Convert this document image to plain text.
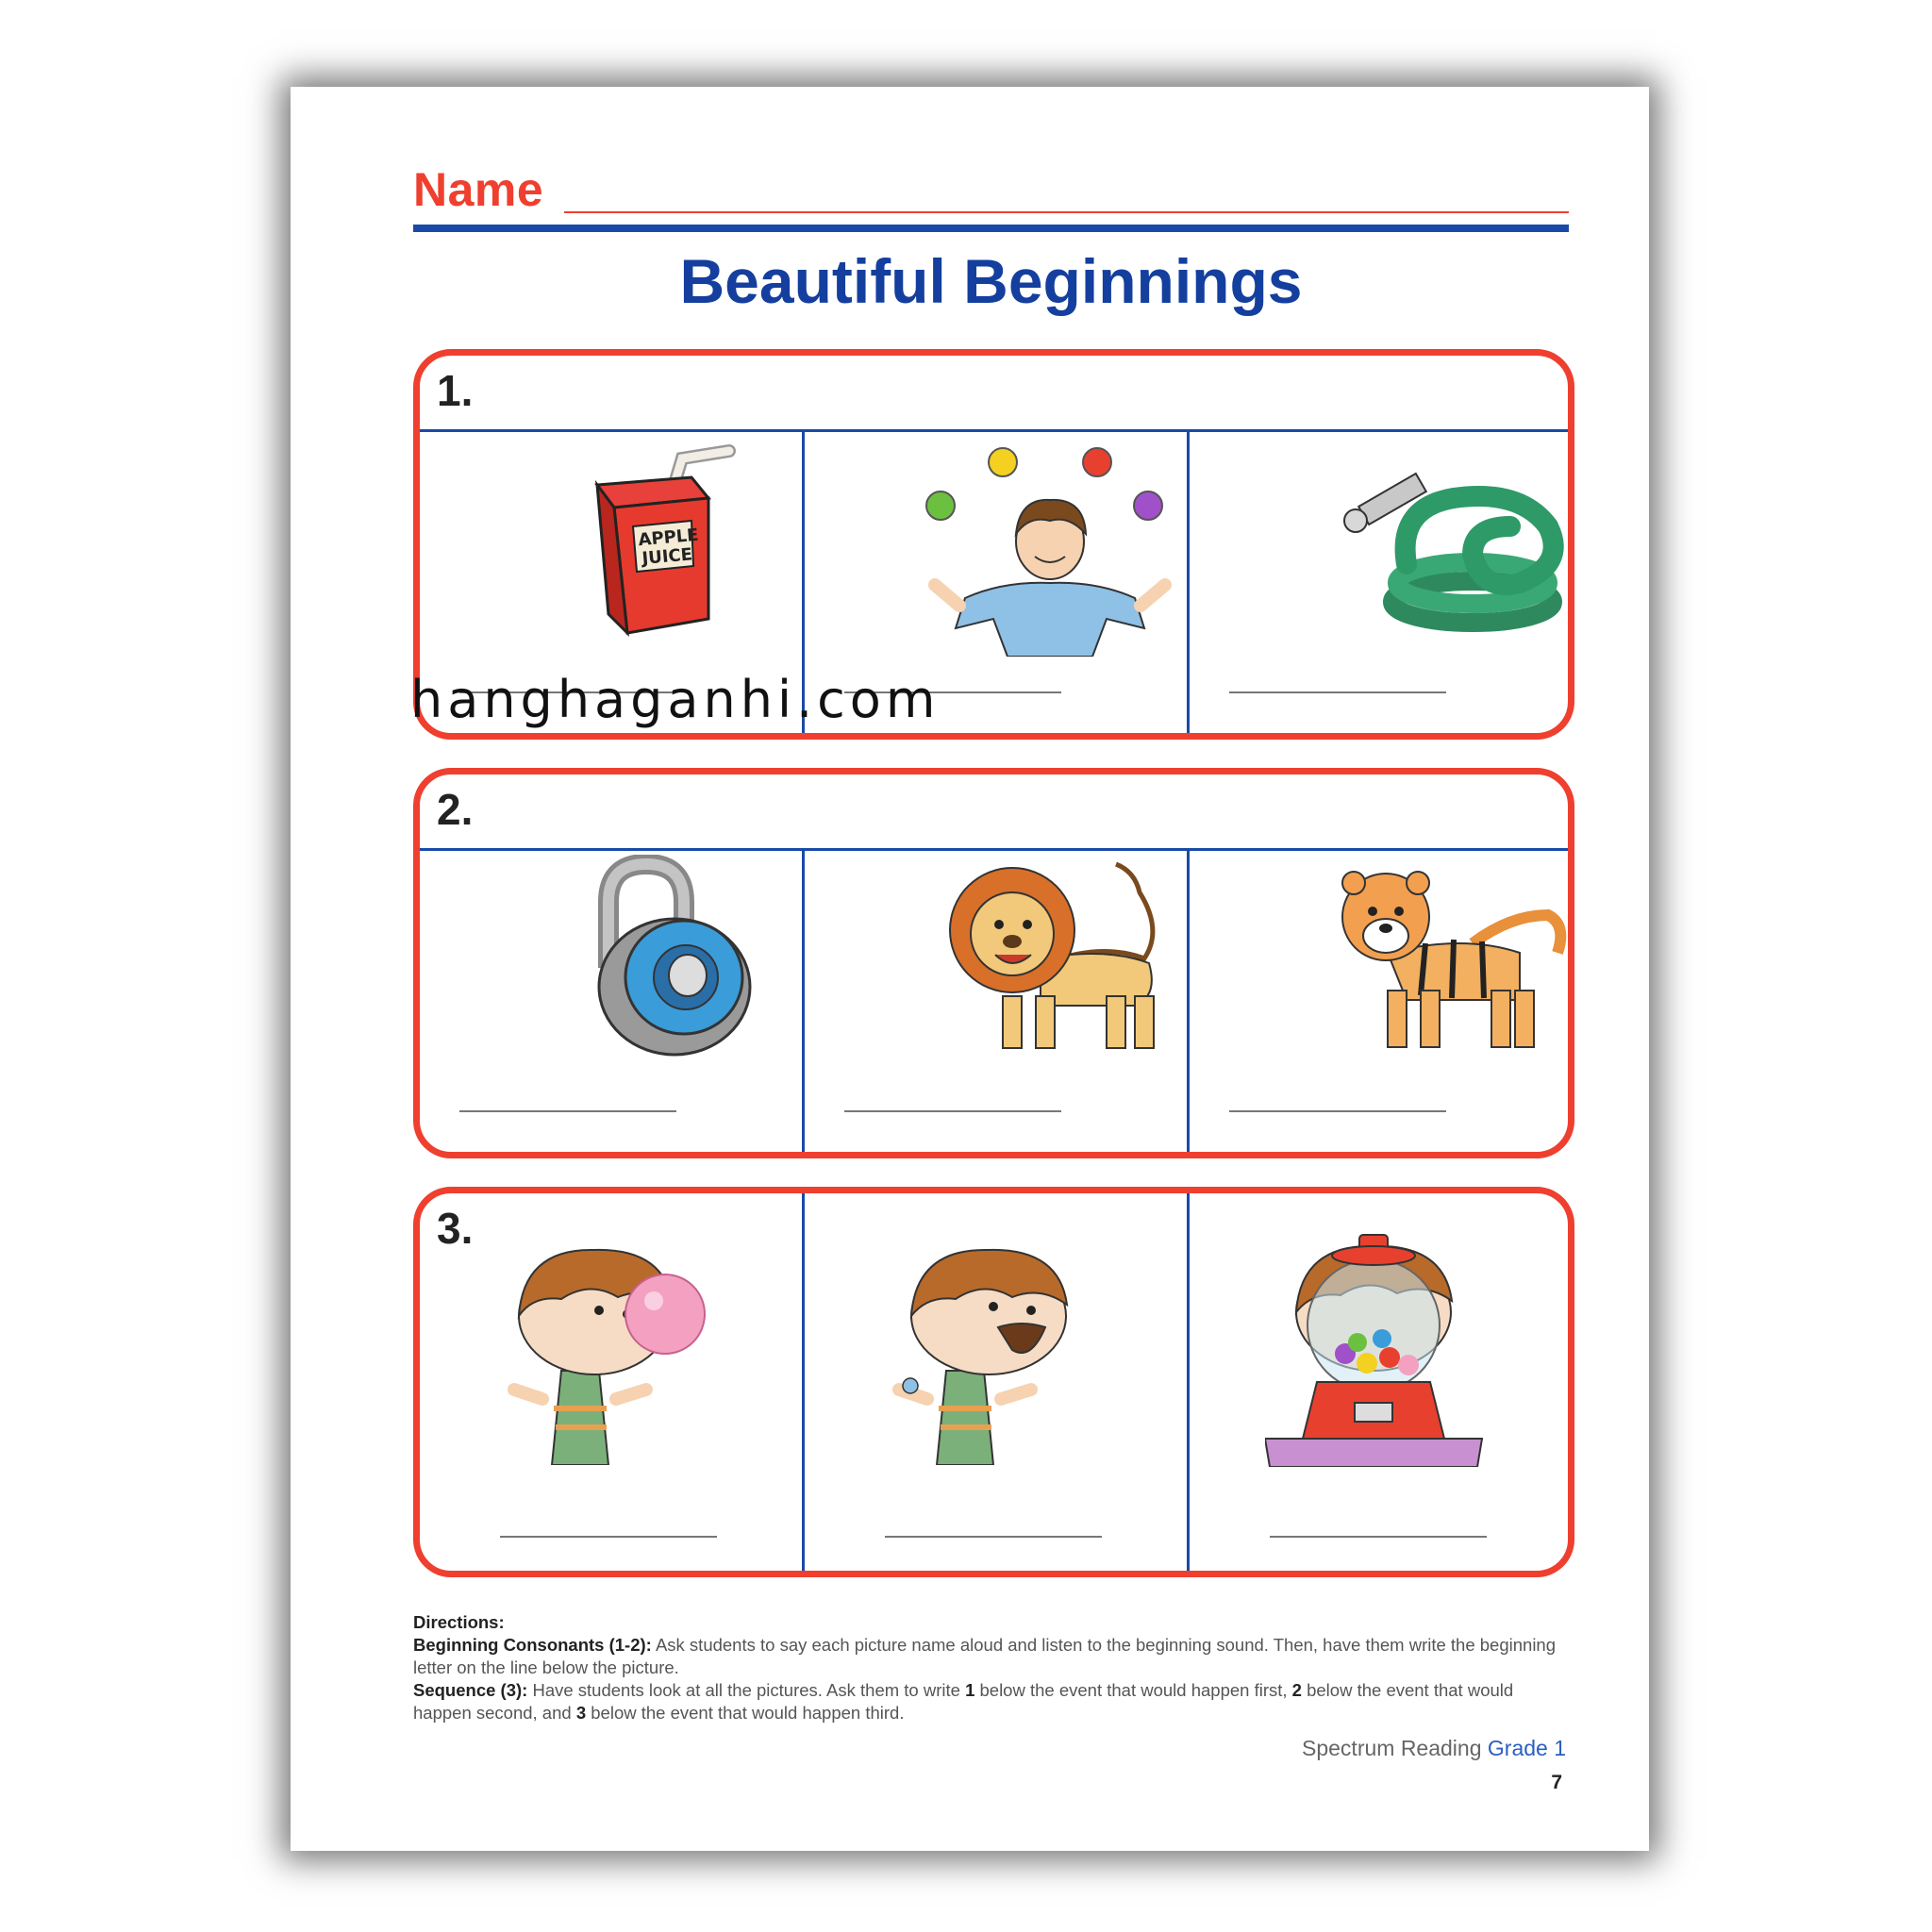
Name
Beautiful Beginnings
1.
APPLE
JUICE
2.
3.
Directions:
Beginning Consonants (1-2): Ask students to say each picture name aloud and listen to the beginning sound. Then, have them write the beginning letter on the line below the picture.
Sequence (3): Have students look at all the pictures. Ask them to write 1 below the event that would happen first, 2 below the event that would happen second, and 3 below the event that would happen third.
Spectrum Reading Grade 1
7
hanghaganhi.com
